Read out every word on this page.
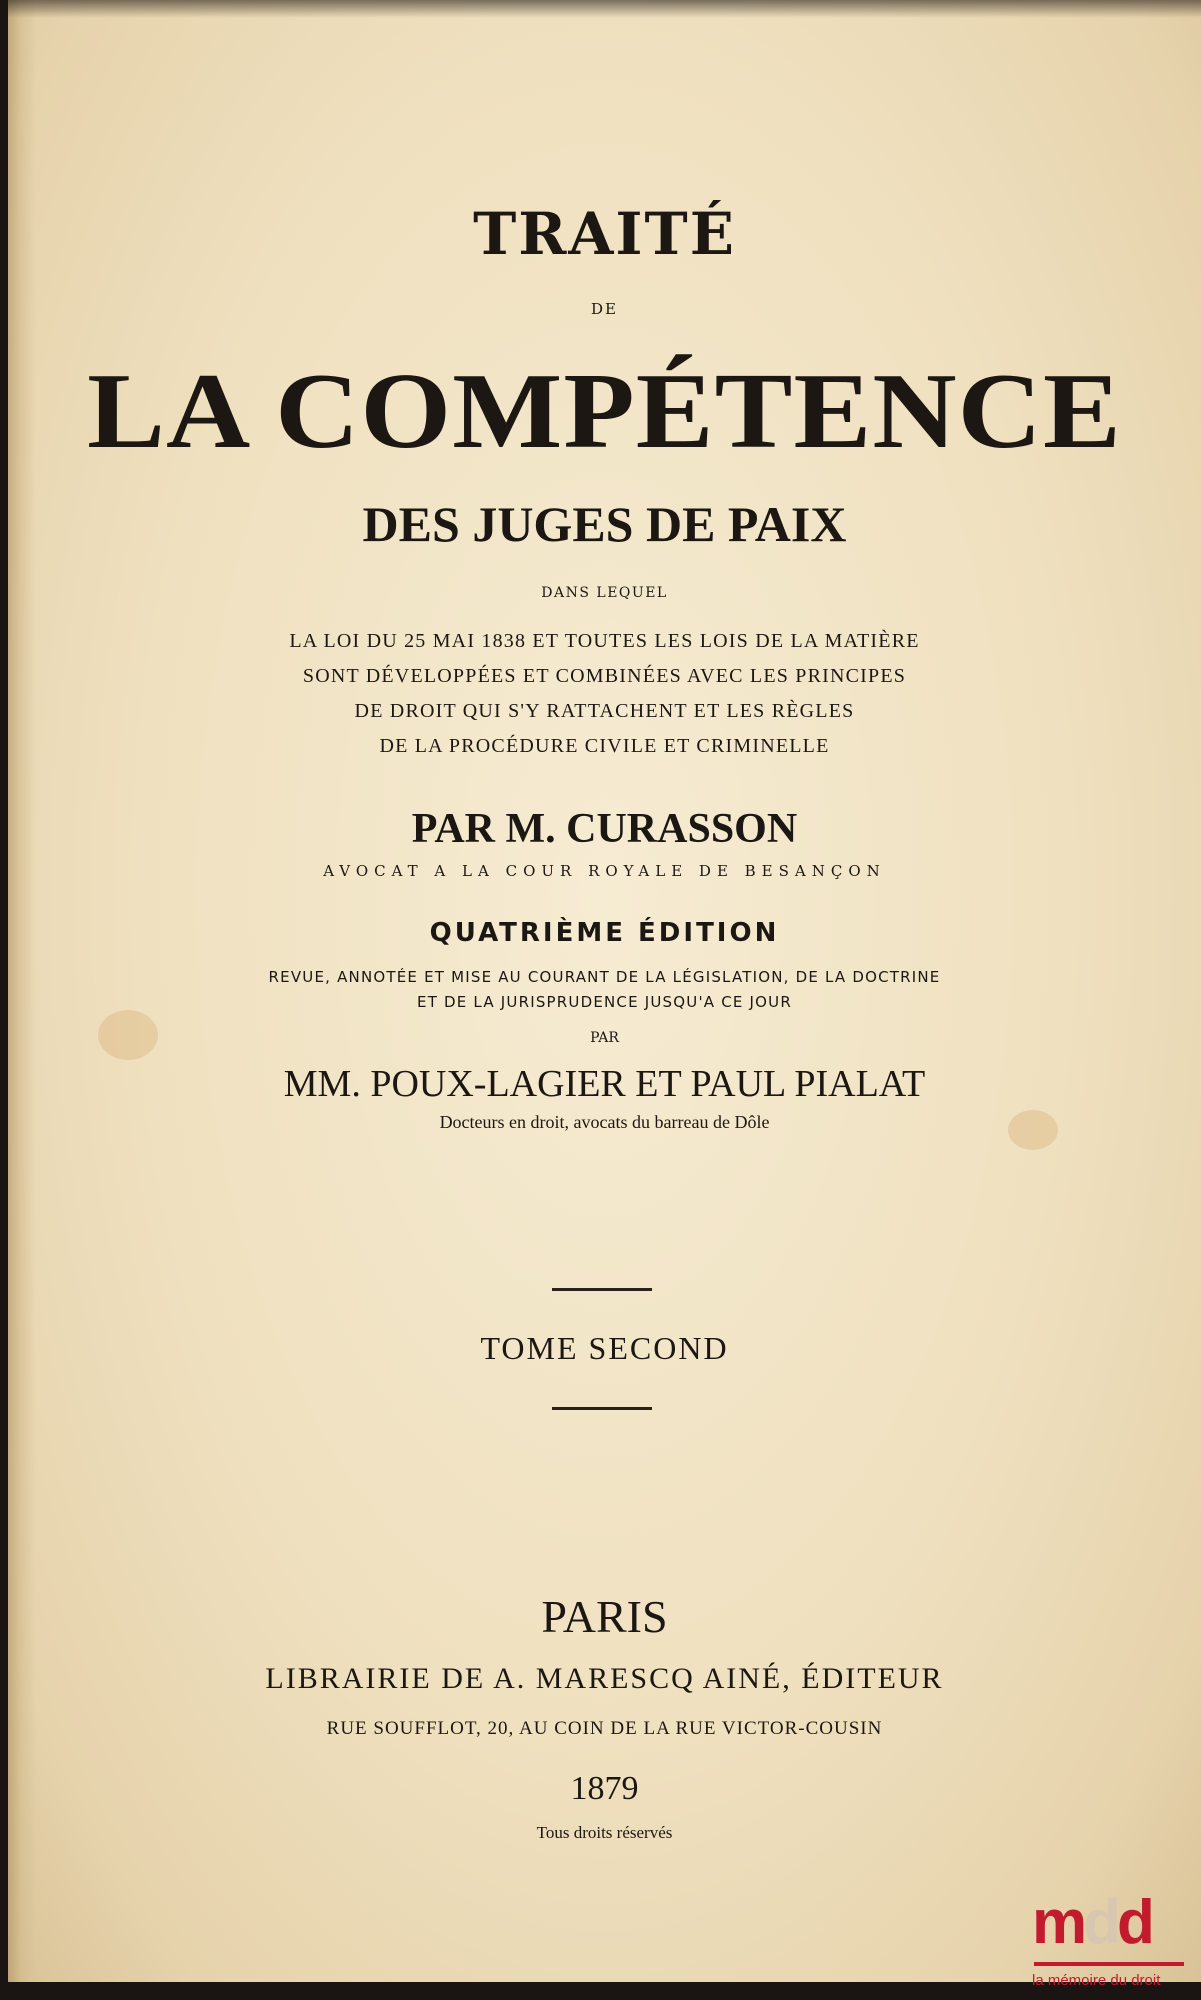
TRAITÉ

DE

LA COMPÉTENCE

DES JUGES DE PAIX

DANS LEQUEL

LA LOI DU 25 MAI 1838 ET TOUTES LES LOIS DE LA MATIÈRE

SONT DÉVELOPPÉES ET COMBINÉES AVEC LES PRINCIPES

DE DROIT QUI S'Y RATTACHENT ET LES RÈGLES

DE LA PROCÉDURE CIVILE ET CRIMINELLE

PAR M. CURASSON

AVOCAT A LA COUR ROYALE DE BESANÇON

QUATRIÈME ÉDITION

REVUE, ANNOTÉE ET MISE AU COURANT DE LA LÉGISLATION, DE LA DOCTRINE

ET DE LA JURISPRUDENCE JUSQU'A CE JOUR

PAR

MM. POUX-LAGIER ET PAUL PIALAT

Docteurs en droit, avocats du barreau de Dôle

TOME SECOND

PARIS

LIBRAIRIE DE A. MARESCQ AINÉ, ÉDITEUR

RUE SOUFFLOT, 20, AU COIN DE LA RUE VICTOR-COUSIN

1879

Tous droits réservés

mdd
la mémoire du droit
